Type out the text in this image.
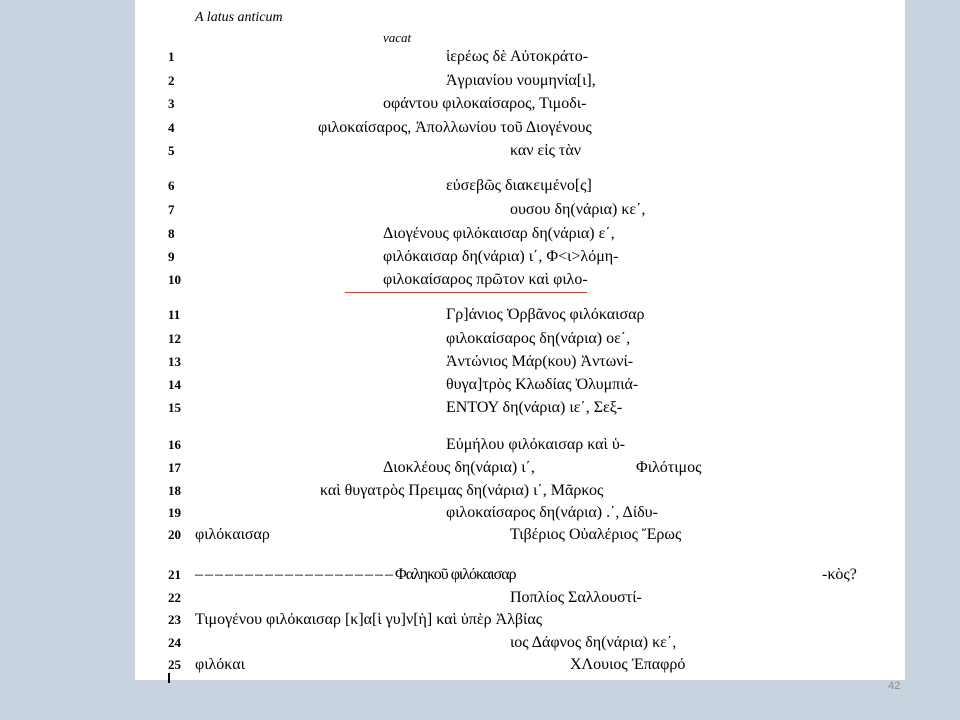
A latus anticum
vacat
1	ἱερέως δὲ Αὐτοκράτο-
2	Ἀγριανίου νουμηνία[ι],
3	οφάντου φιλοκαίσαρος, Τιμοδι-
4	φιλοκαίσαρος, Ἀπολλωνίου τοῦ Διογένους
5	καν εἰς τὰν
6	εὐσεβῶς διακειμένο[ς]
7	ουσου δη(νάρια) κε΄,
8	Διογένους φιλόκαισαρ δη(νάρια) ε΄,
9	φιλόκαισαρ δη(νάρια) ι΄, Φ<ι>λόμη-
10	φιλοκαίσαρος πρῶτον καὶ φιλο-
11	Γρ]άνιος Ὀρβᾶνος φιλόκαισαρ
12	φιλοκαίσαρος δη(νάρια) οε΄,
13	Ἀντώνιος Μάρ(κου) Ἀντωνί-
14	θυγα]τρὸς Κλωδίας Ὀλυμπιά-
15	ΕΝΤΟΥ δη(νάρια) ιε΄, Σεξ-
16	Εὐμήλου φιλόκαισαρ καὶ ὑ-
17	Διοκλέους δη(νάρια) ι΄,	Φιλότιμος
18	καὶ θυγατρὸς Πρειμας δη(νάρια) ι΄, Μᾶρκος
19	φιλοκαίσαρος δη(νάρια) .΄, Δίδυ-
20 φιλόκαισαρ	Τιβέριος Οὐαλέριος Ἔρως
21 – – – – – – – – – – – – – – – – – – – – Φαληκοῦ φιλόκαισαρ	-κὸς?
22	Ποπλίος Σαλλουστί-
23 Τιμογένου φιλόκαισαρ [κ]α[ὶ γυ]ν[ὴ] καὶ ὑπὲρ Ἀλβίας
24	ιος Δάφνος δη(νάρια) κε΄,
25 φιλόκαι	ΧΛουιος Ἐπαφρό
42
